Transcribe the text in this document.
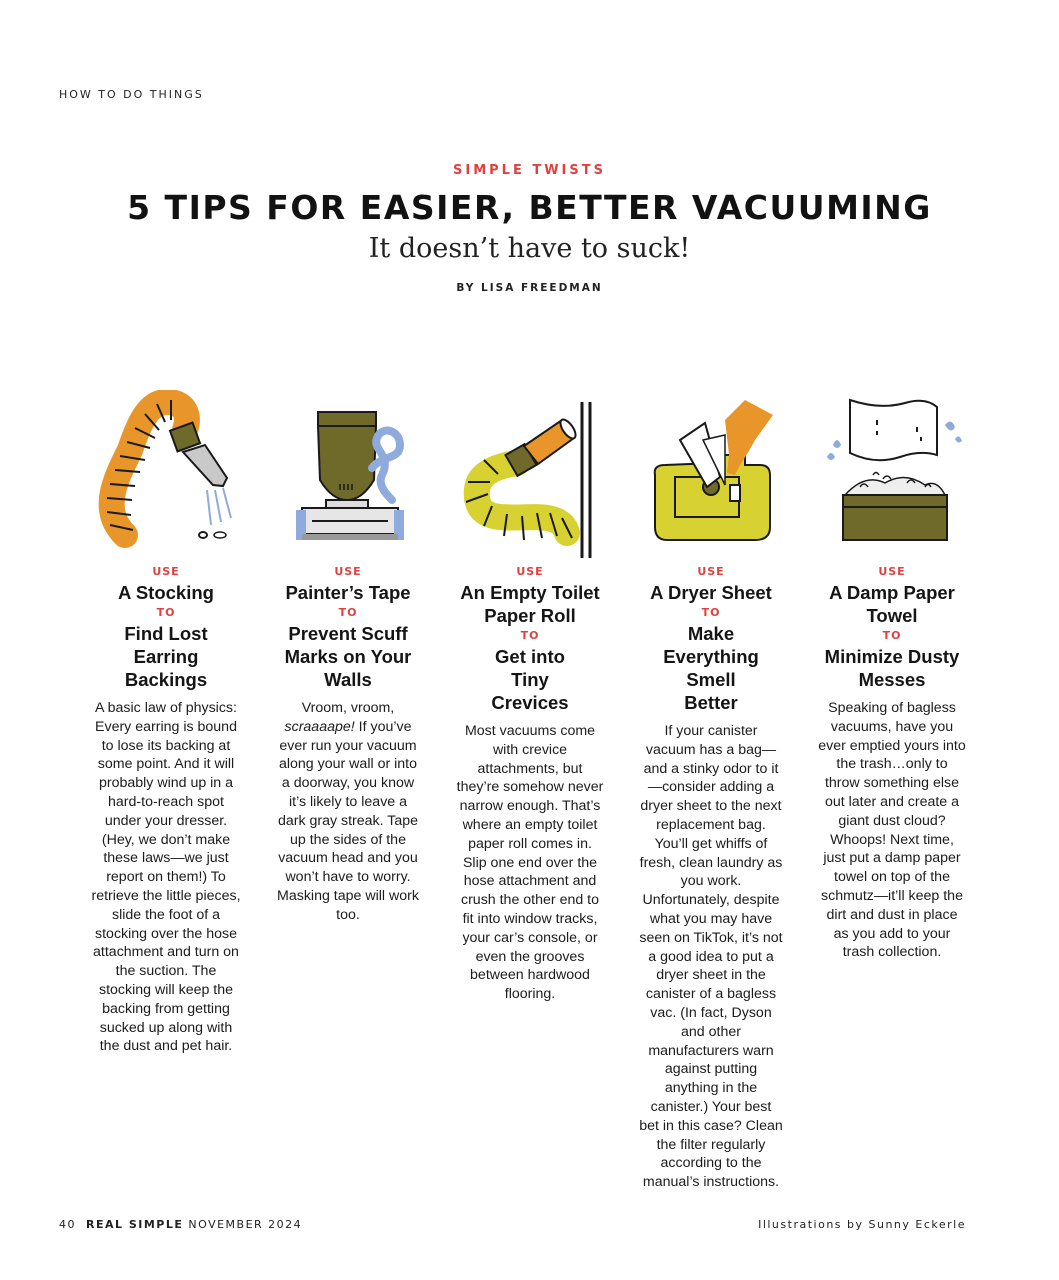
HOW TO DO THINGS
SIMPLE TWISTS
5 TIPS FOR EASIER, BETTER VACUUMING
It doesn’t have to suck!
BY LISA FREEDMAN
USE
A Stocking
TO
Find Lost Earring Backings
A basic law of physics: Every earring is bound to lose its backing at some point. And it will probably wind up in a hard-to-reach spot under your dresser. (Hey, we don’t make these laws—we just report on them!) To retrieve the little pieces, slide the foot of a stocking over the hose attachment and turn on the suction. The stocking will keep the backing from getting sucked up along with the dust and pet hair.
USE
Painter’s Tape
TO
Prevent Scuff Marks on Your Walls
Vroom, vroom, scraaaape! If you’ve ever run your vacuum along your wall or into a doorway, you know it’s likely to leave a dark gray streak. Tape up the sides of the vacuum head and you won’t have to worry. Masking tape will work too.
USE
An Empty Toilet Paper Roll
TO
Get into Tiny Crevices
Most vacuums come with crevice attachments, but they’re somehow never narrow enough. That’s where an empty toilet paper roll comes in. Slip one end over the hose attachment and crush the other end to fit into window tracks, your car’s console, or even the grooves between hardwood flooring.
USE
A Dryer Sheet
TO
Make Everything Smell Better
If your canister vacuum has a bag—and a stinky odor to it—consider adding a dryer sheet to the next replacement bag. You’ll get whiffs of fresh, clean laundry as you work. Unfortunately, despite what you may have seen on TikTok, it’s not a good idea to put a dryer sheet in the canister of a bagless vac. (In fact, Dyson and other manufacturers warn against putting anything in the canister.) Your best bet in this case? Clean the filter regularly according to the manual’s instructions.
USE
A Damp Paper Towel
TO
Minimize Dusty Messes
Speaking of bagless vacuums, have you ever emptied yours into the trash…only to throw something else out later and create a giant dust cloud? Whoops! Next time, just put a damp paper towel on top of the schmutz—it’ll keep the dirt and dust in place as you add to your trash collection.
40 REAL SIMPLE NOVEMBER 2024	Illustrations by Sunny Eckerle
